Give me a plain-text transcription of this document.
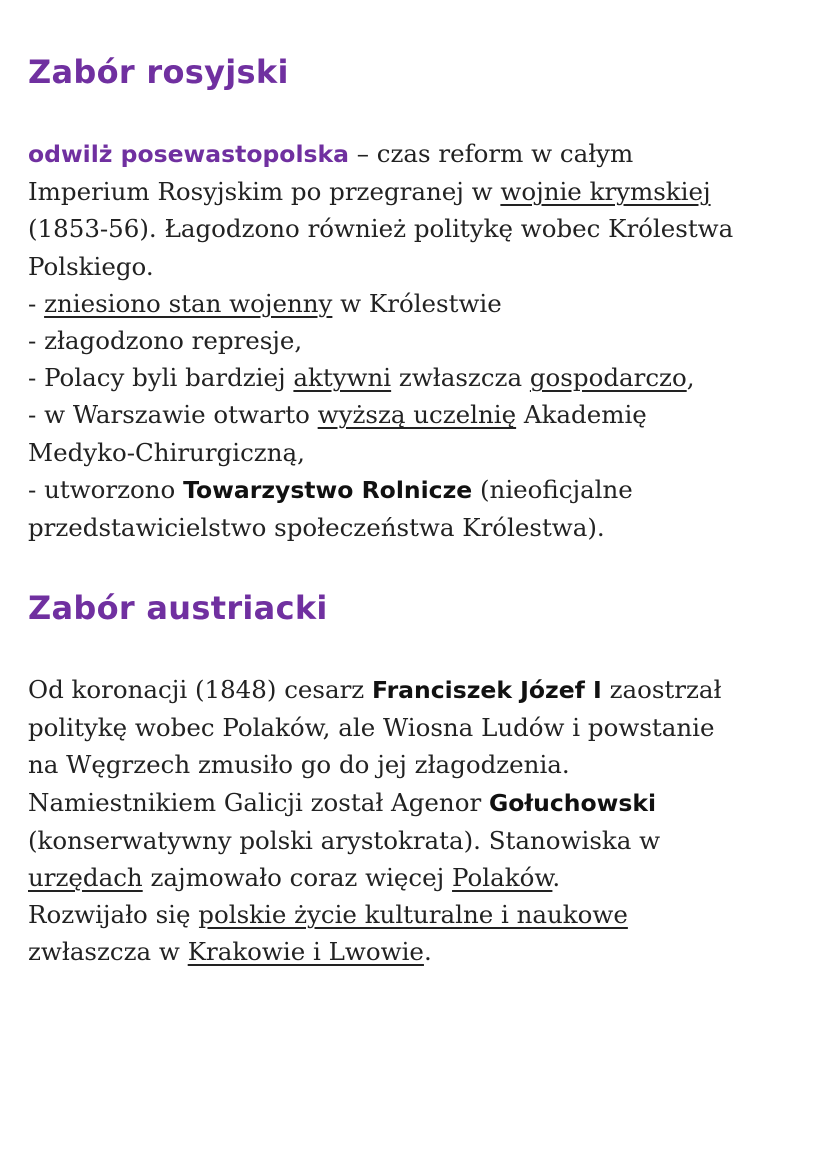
Zabór rosyjski
odwilż posewastopolska – czas reform w całym
Imperium Rosyjskim po przegranej w wojnie krymskiej
(1853-56). Łagodzono również politykę wobec Królestwa
Polskiego.
- zniesiono stan wojenny w Królestwie
- złagodzono represje,
- Polacy byli bardziej aktywni zwłaszcza gospodarczo,
- w Warszawie otwarto wyższą uczelnię Akademię
Medyko-Chirurgiczną,
- utworzono Towarzystwo Rolnicze (nieoficjalne
przedstawicielstwo społeczeństwa Królestwa).
Zabór austriacki
Od koronacji (1848) cesarz Franciszek Józef I zaostrzał
politykę wobec Polaków, ale Wiosna Ludów i powstanie
na Węgrzech zmusiło go do jej złagodzenia.
Namiestnikiem Galicji został Agenor Gołuchowski
(konserwatywny polski arystokrata). Stanowiska w
urzędach zajmowało coraz więcej Polaków.
Rozwijało się polskie życie kulturalne i naukowe
zwłaszcza w Krakowie i Lwowie.
